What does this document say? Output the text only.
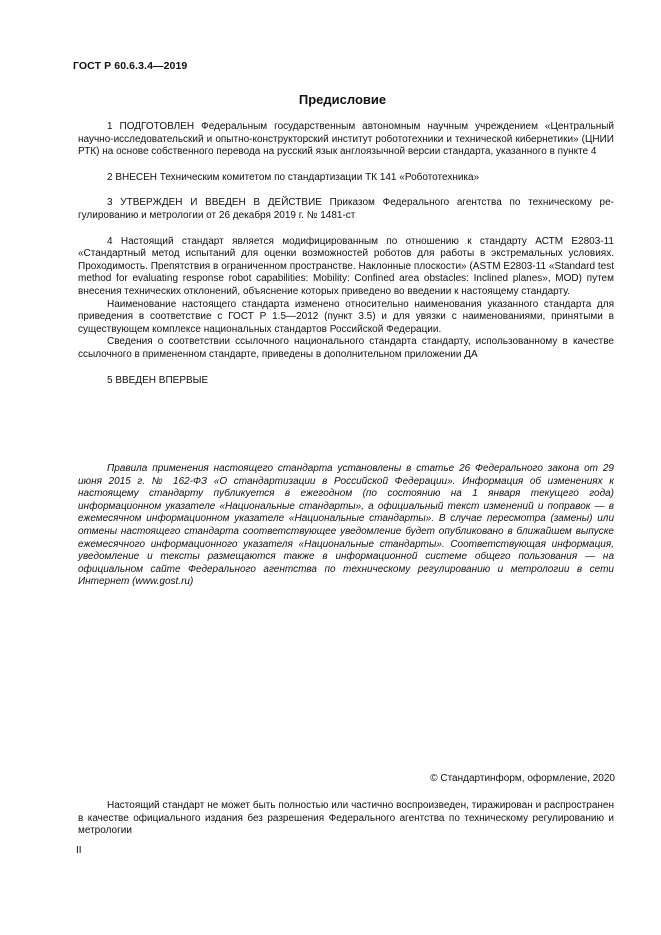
ГОСТ Р 60.6.3.4—2019
Предисловие

1 ПОДГОТОВЛЕН Федеральным государственным автономным научным учреждением «Центральный научно-исследовательский и опытно-конструкторский институт робототехники и технической кибернетики» (ЦНИИ РТК) на основе собственного перевода на русский язык англоязычной версии стандарта, указанного в пункте 4

2 ВНЕСЕН Техническим комитетом по стандартизации ТК 141 «Робототехника»

3 УТВЕРЖДЕН И ВВЕДЕН В ДЕЙСТВИЕ Приказом Федерального агентства по техническому регулированию и метрологии от 26 декабря 2019 г. № 1481-ст

4 Настоящий стандарт является модифицированным по отношению к стандарту АСТМ Е2803-11 «Стандартный метод испытаний для оценки возможностей роботов для работы в экстремальных условиях. Проходимость. Препятствия в ограниченном пространстве. Наклонные плоскости» (ASTM E2803-11 «Standard test method for evaluating response robot capabilities: Mobility: Confined area obstacles: Inclined planes», MOD) путем внесения технических отклонений, объяснение которых приведено во введении к настоящему стандарту.

Наименование настоящего стандарта изменено относительно наименования указанного стандарта для приведения в соответствие с ГОСТ Р 1.5—2012 (пункт 3.5) и для увязки с наименованиями, принятыми в существующем комплексе национальных стандартов Российской Федерации.

Сведения о соответствии ссылочного национального стандарта стандарту, использованному в качестве ссылочного в примененном стандарте, приведены в дополнительном приложении ДА

5 ВВЕДЕН ВПЕРВЫЕ

Правила применения настоящего стандарта установлены в статье 26 Федерального закона от 29 июня 2015 г. № 162-ФЗ «О стандартизации в Российской Федерации». Информация об изменениях к настоящему стандарту публикуется в ежегодном (по состоянию на 1 января текущего года) информационном указателе «Национальные стандарты», а официальный текст изменений и поправок — в ежемесячном информационном указателе «Национальные стандарты». В случае пересмотра (замены) или отмены настоящего стандарта соответствующее уведомление будет опубликовано в ближайшем выпуске ежемесячного информационного указателя «Национальные стандарты». Соответствующая информация, уведомление и тексты размещаются также в информационной системе общего пользования — на официальном сайте Федерального агентства по техническому регулированию и метрологии в сети Интернет (www.gost.ru)

© Стандартинформ, оформление, 2020

Настоящий стандарт не может быть полностью или частично воспроизведен, тиражирован и распространен в качестве официального издания без разрешения Федерального агентства по техническому регулированию и метрологии

II
